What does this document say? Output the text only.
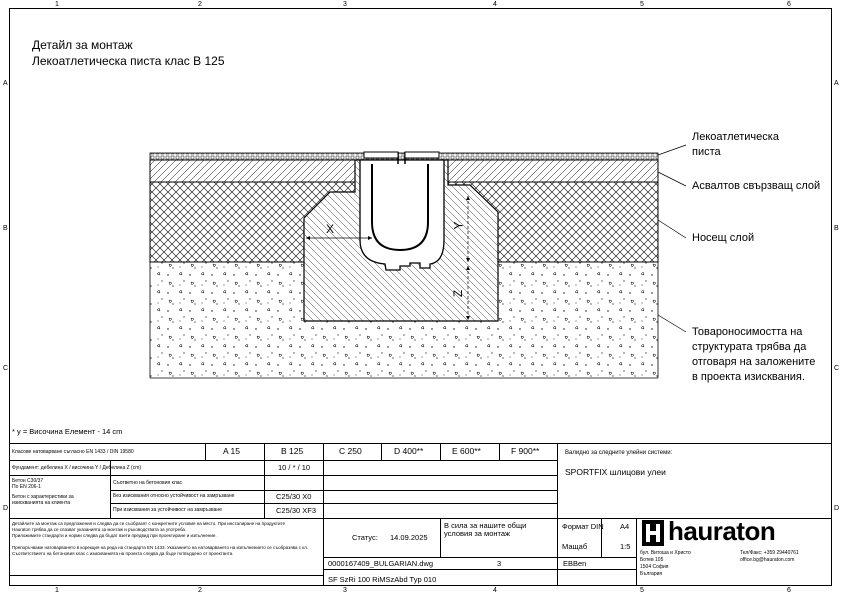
1	2	3	4	5	6
1	2	3	4	5	6
A
B
C
D
A
B
C
D
Детайл за монтаж
Лекоатлетическа писта клас В 125
X	Y
Z
Лекоатлетическа
писта
Асвалтов свързващ слой
Носещ слой
Товароносимостта на
структурата трябва да
отговаря на заложените
в проекта изисквания.
* y = Височина Елемент - 14 cm
Класове натоварване съгласно EN 1433 / DIN 19580	A 15	B 125	C 250	D 400**	E 600**	F 900**
Фундамент: дебелина X / височина Y / Дебелина Z (cm)	10 / * / 10
Бетон C30/37
По EN 206-1
Бетон с характеристики за
изискванията на клиента
Съответно на бетоновия клас
Без изисквания относно устойчивост на замръзване	C25/30 X0
При изисквания за устойчивост на замръзване	C25/30 XF3
Валидно за следните улейни системи:
SPORTFIX шлицови улеи
Детайлите за монтаж са предложения и следва да се съобразят с конкретните условия на място. При инсталиране на продуктите
Hauraton трябва да се спазват указанията за монтаж и ръководствата за употреба.
Приложимите стандарти и норми следва да бъдат взети предвид при проектиране и изпълнение.
Препоръчваме натоварването в корекция на реда на стандарта EN 1433. Указанието на натоварването на изпълнението се съобразява с кл.
Съответствието на бетоновия клас с изискванията на проекта следва да бъде потвърдено от проектанта.
Статус: 14.09.2025
В сила за нашите общи условия за монтаж
Формат DIN A4
Мащаб	1:5
0000167409_BULGARIAN.dwg	3	EBBen
SF SzRi 100 RiMSzAbd Typ 010
hauraton
бул. Витоша и Христо
Ботев 105
1504 София
България
Тел/Факс: +359 29440761
office.bg@hauraton.com
